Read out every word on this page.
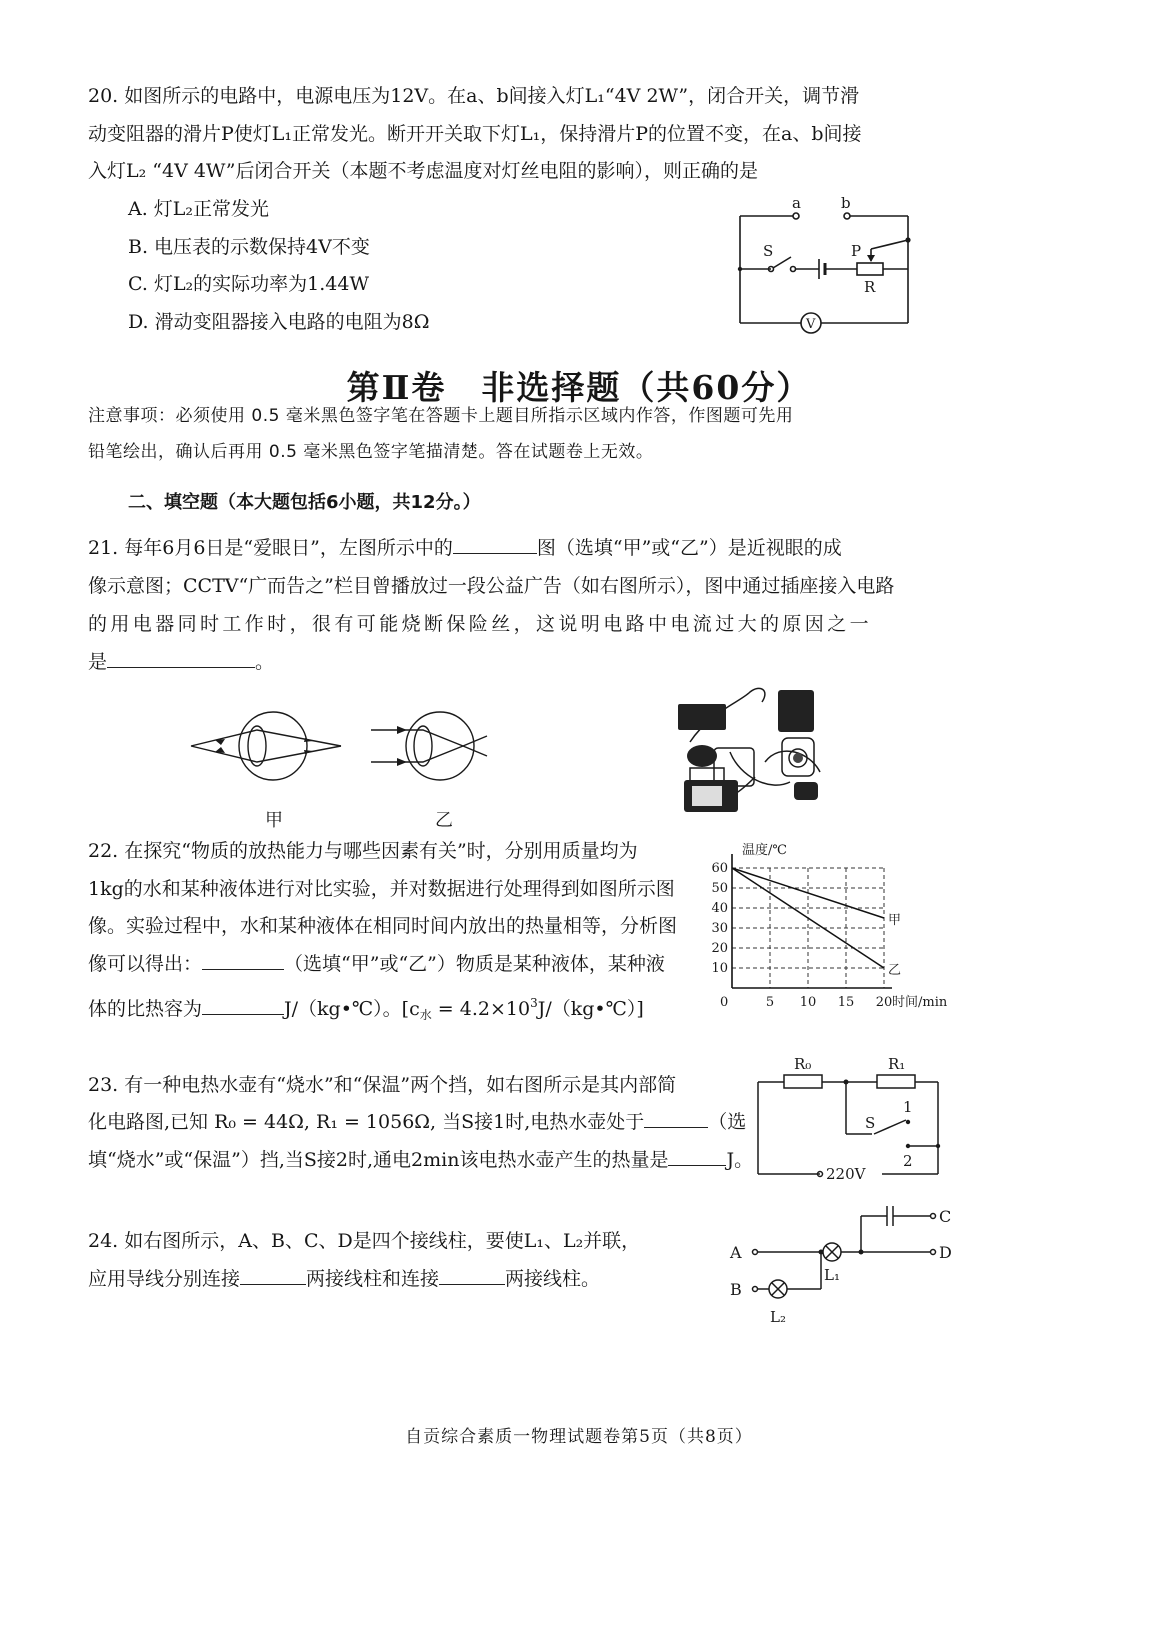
20. 如图所示的电路中，电源电压为12V。在a、b间接入灯L₁“4V 2W”，闭合开关，调节滑
动变阻器的滑片P使灯L₁正常发光。断开开关取下灯L₁，保持滑片P的位置不变，在a、b间接
入灯L₂ “4V 4W”后闭合开关（本题不考虑温度对灯丝电阻的影响），则正确的是
A. 灯L₂正常发光
B. 电压表的示数保持4V不变
C. 灯L₂的实际功率为1.44W
D. 滑动变阻器接入电路的电阻为8Ω
a	b
S	P
R
V
第Ⅱ卷　非选择题（共60分）
注意事项：必须使用 0.5 毫米黑色签字笔在答题卡上题目所指示区域内作答，作图题可先用
铅笔绘出，确认后再用 0.5 毫米黑色签字笔描清楚。答在试题卷上无效。
二、填空题（本大题包括6小题，共12分。）
21. 每年6月6日是“爱眼日”，左图所示中的	图（选填“甲”或“乙”）是近视眼的成
像示意图；CCTV“广而告之”栏目曾播放过一段公益广告（如右图所示），图中通过插座接入电路
的用电器同时工作时，很有可能烧断保险丝，这说明电路中电流过大的原因之一
是	。
甲	乙
22. 在探究“物质的放热能力与哪些因素有关”时，分别用质量均为
1kg的水和某种液体进行对比实验，并对数据进行处理得到如图所示图
像。实验过程中，水和某种液体在相同时间内放出的热量相等，分析图
像可以得出：	（选填“甲”或“乙”）物质是某种液体，某种液
体的比热容为	J/（kg•℃）。[$c_水$ = $4.2\times 10^3J/(kg•℃)$]
10
20
30
40
50
60
5 10 15 20
0
温度/℃
时间/min
甲
乙
23. 有一种电热水壶有“烧水”和“保温”两个挡，如右图所示是其内部简
化电路图,已知 R₀ = 44Ω, R₁ = 1056Ω, 当S接1时,电热水壶处于	（选
填“烧水”或“保温”）挡,当S接2时,通电2min该电热水壶产生的热量是	J。
R₀	R₁
S
1
2
220V
24. 如右图所示，A、B、C、D是四个接线柱，要使L₁、L₂并联，
应用导线分别连接	两接线柱和连接	两接线柱。
A
B
C
D
L₁
L₂
自贡综合素质一物理试题卷第5页（共8页）
